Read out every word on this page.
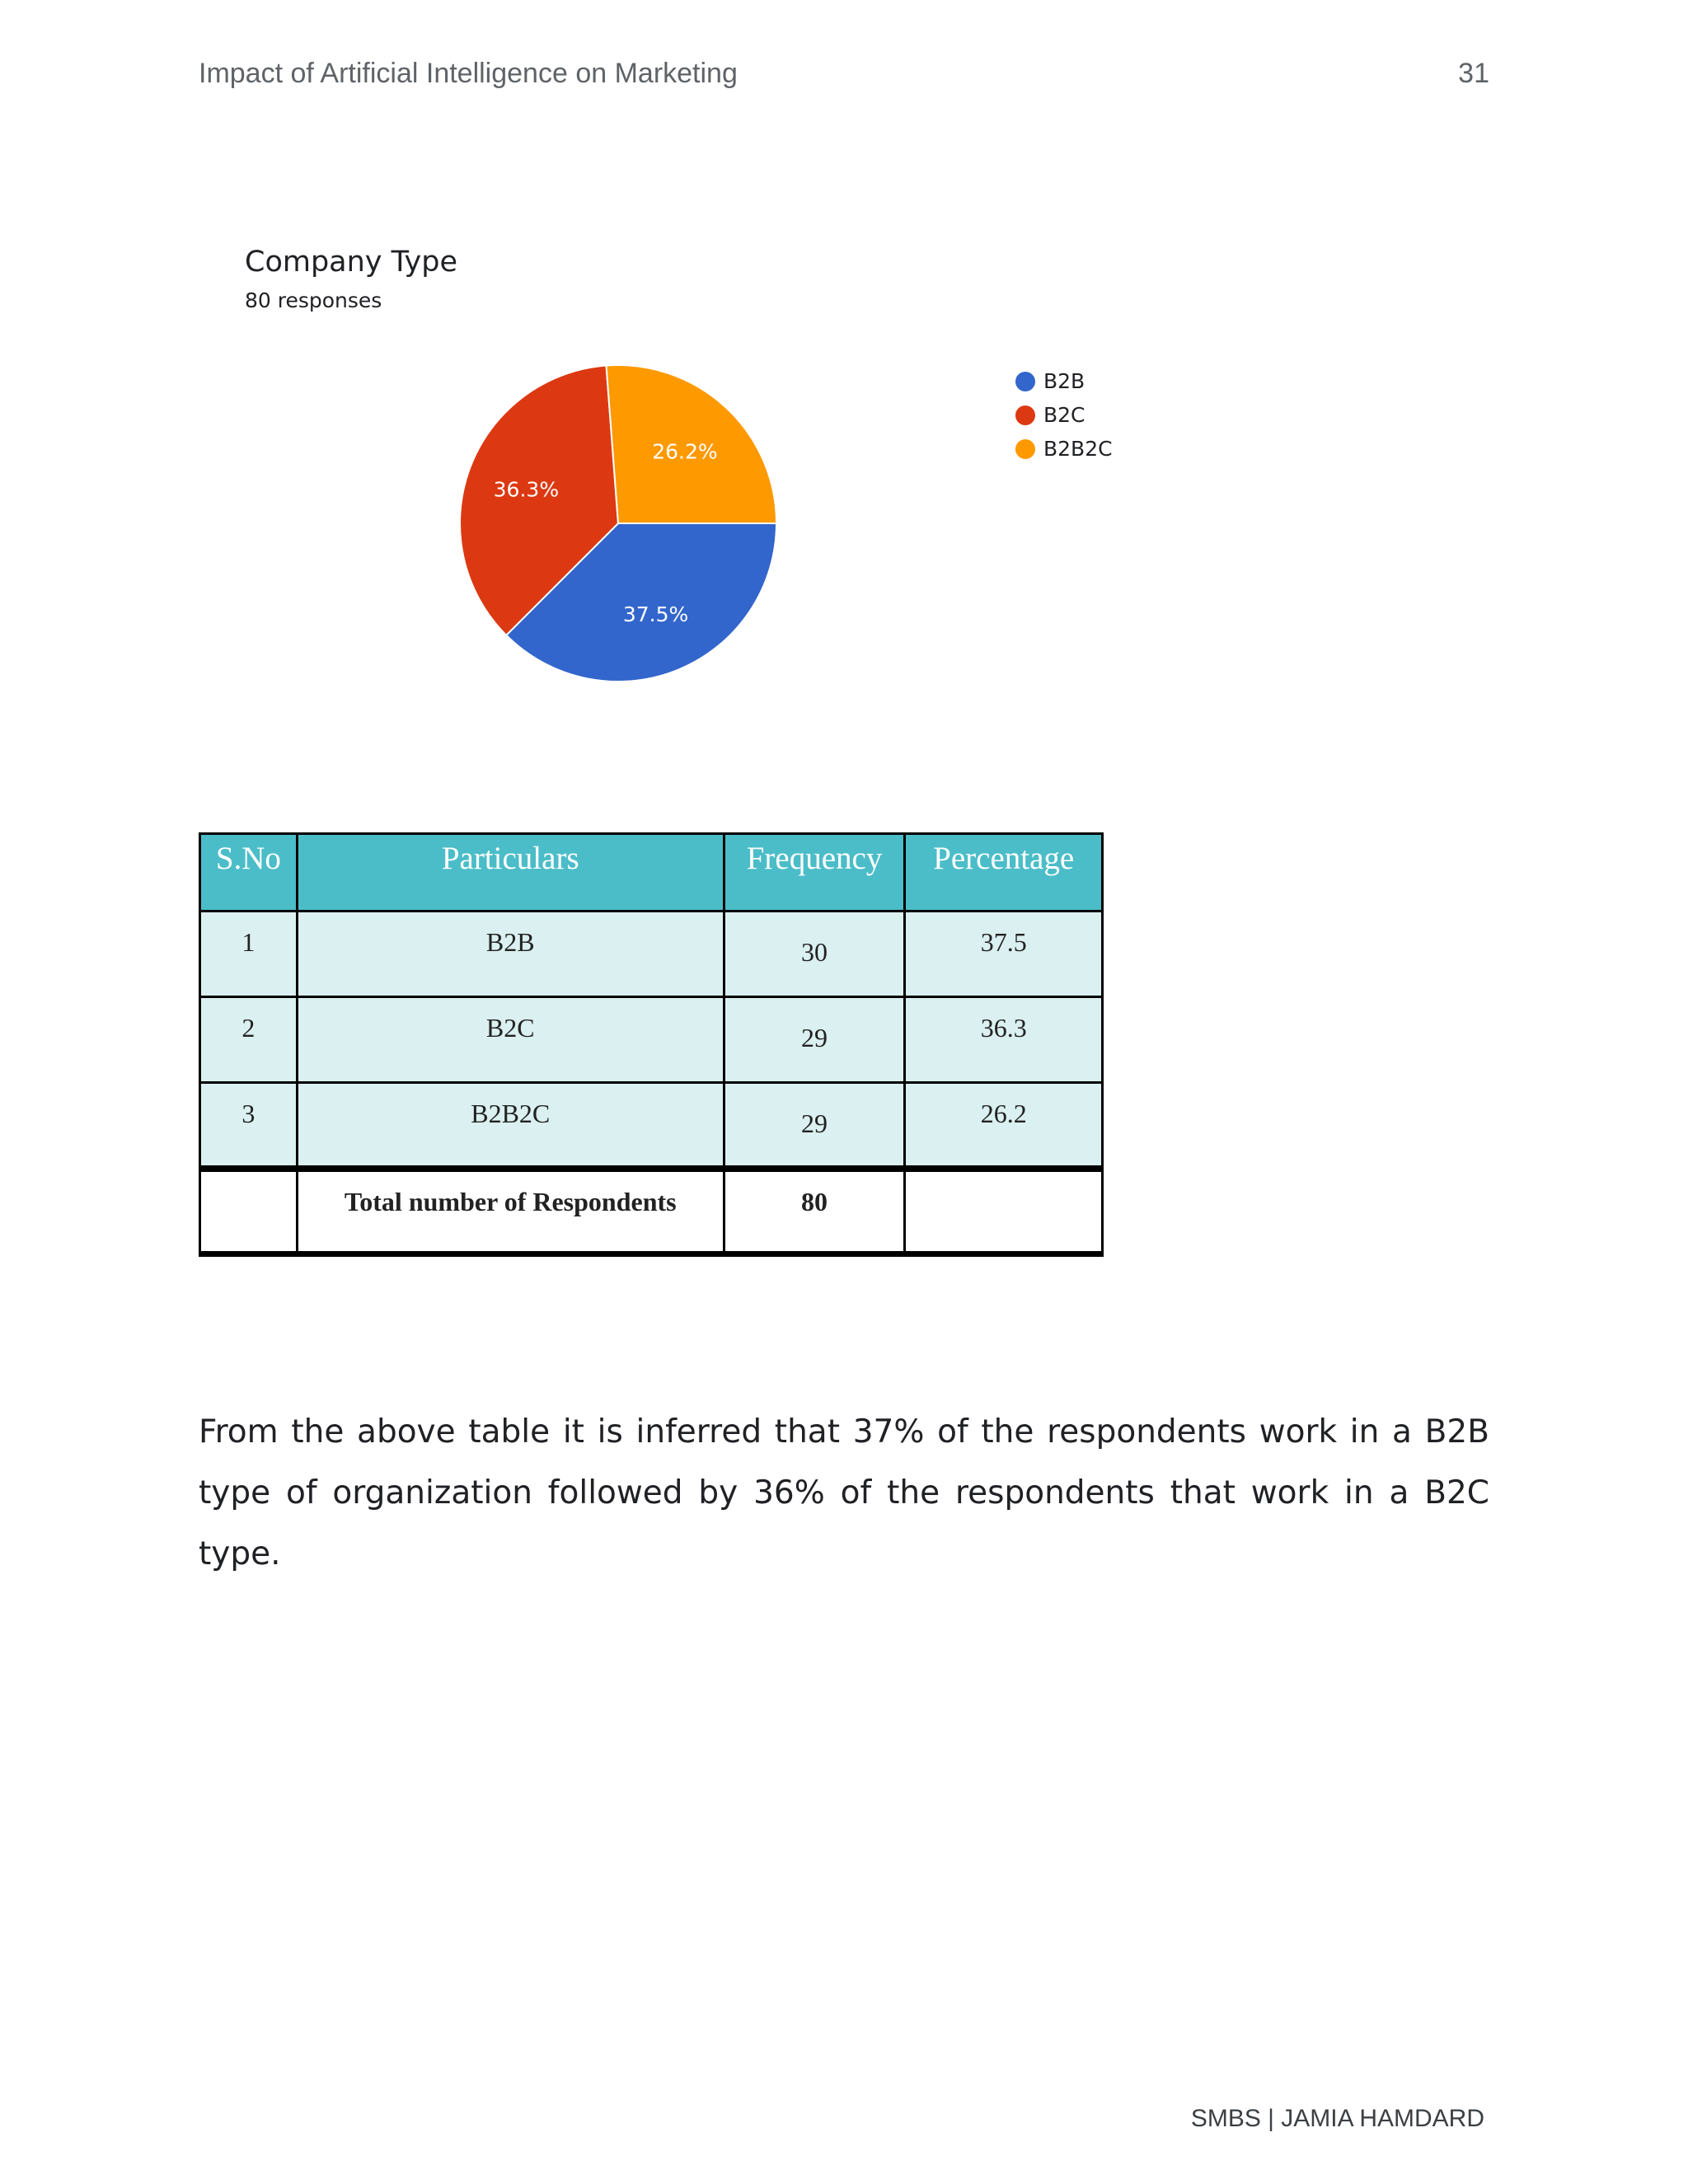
Impact of Artificial Intelligence on Marketing	31
37.5%
36.3%
26.2%
Company Type
80 responses
B2B
B2C
B2B2C
S.No	Particulars	Frequency	Percentage
1	B2B	30	37.5
2	B2C	29	36.3
3	B2B2C	29	26.2
	Total number of Respondents	80	

From the above table it is inferred that 37% of the respondents work in a B2B type of organization followed by 36% of the respondents that work in a B2C type.

SMBS | JAMIA HAMDARD
